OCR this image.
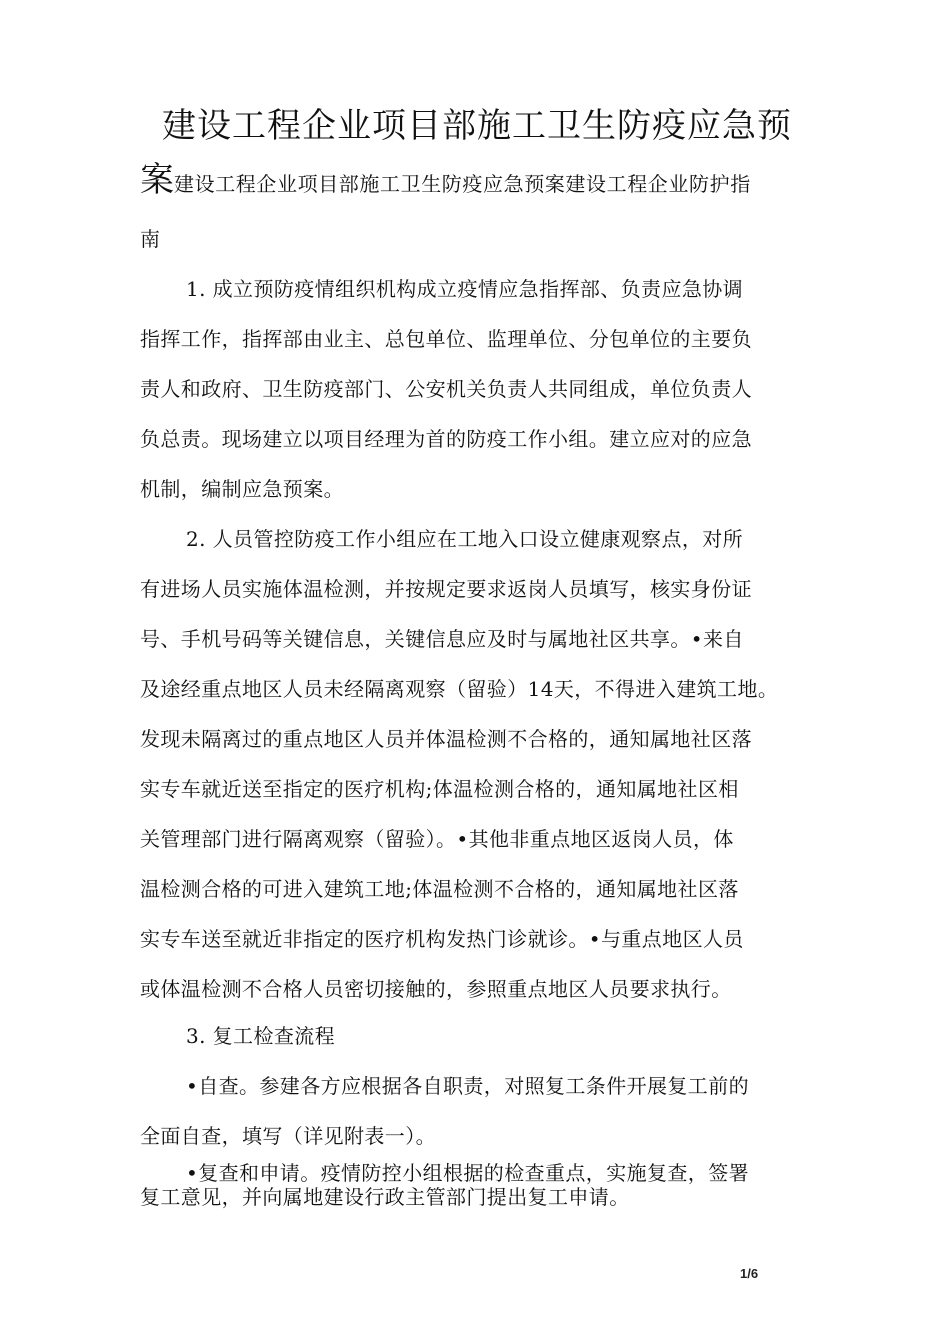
建设工程企业项目部施工卫生防疫应急预
案建设工程企业项目部施工卫生防疫应急预案建设工程企业防护指
南
1. 成立预防疫情组织机构成立疫情应急指挥部、负责应急协调
指挥工作，指挥部由业主、总包单位、监理单位、分包单位的主要负
责人和政府、卫生防疫部门、公安机关负责人共同组成，单位负责人
负总责。现场建立以项目经理为首的防疫工作小组。建立应对的应急
机制，编制应急预案。
2. 人员管控防疫工作小组应在工地入口设立健康观察点，对所
有进场人员实施体温检测，并按规定要求返岗人员填写，核实身份证
号、手机号码等关键信息，关键信息应及时与属地社区共享。•来自
及途经重点地区人员未经隔离观察（留验）14天，不得进入建筑工地。
发现未隔离过的重点地区人员并体温检测不合格的，通知属地社区落
实专车就近送至指定的医疗机构;体温检测合格的，通知属地社区相
关管理部门进行隔离观察（留验）。•其他非重点地区返岗人员，体
温检测合格的可进入建筑工地;体温检测不合格的，通知属地社区落
实专车送至就近非指定的医疗机构发热门诊就诊。•与重点地区人员
或体温检测不合格人员密切接触的，参照重点地区人员要求执行。
3. 复工检查流程
•自查。参建各方应根据各自职责，对照复工条件开展复工前的
全面自查，填写（详见附表一）。
•复查和申请。疫情防控小组根据的检查重点，实施复查，签署
复工意见，并向属地建设行政主管部门提出复工申请。
1/6
